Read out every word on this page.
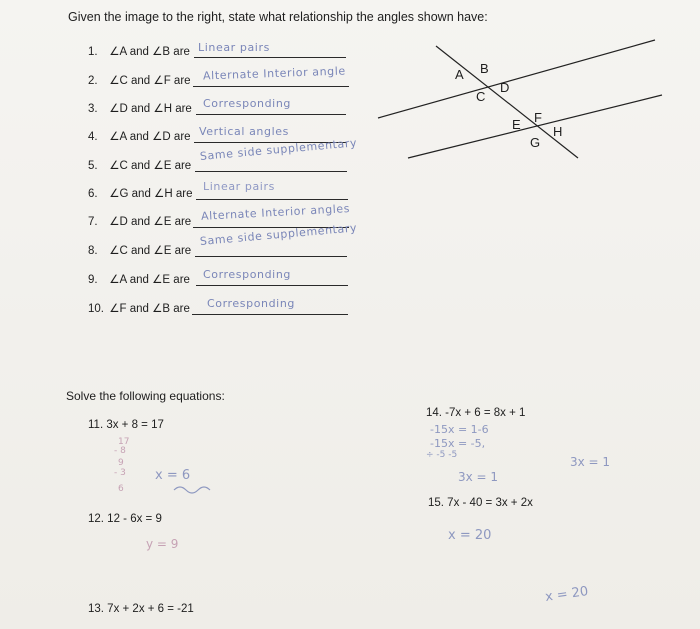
Given the image to the right, state what relationship the angles shown have:
1. ∠A and ∠B are Linear pairs
2. ∠C and ∠F are Alternate Interior angle
3. ∠D and ∠H are Corresponding
4. ∠A and ∠D are Vertical angles
5. ∠C and ∠E are
Same side supplementary
6. ∠G and ∠H are
Linear pairs
7. ∠D and ∠E are Alternate Interior angles
8. ∠C and ∠E are
Same side supplementary
9. ∠A and ∠E are Corresponding
10. ∠F and ∠B are Corresponding
A B
C
D
E F
G
H
Solve the following equations:
11. 3x + 8 = 17
17
- 8
9
- 3
6
x = 6
12. 12 - 6x = 9
y = 9
13. 7x + 2x + 6 = -21
x = 20
14. -7x + 6 = 8x + 1
-15x = 1-6
-15x = -5,
÷ -5 -5
3x = 1
3x = 1
15. 7x - 40 = 3x + 2x
x = 20
